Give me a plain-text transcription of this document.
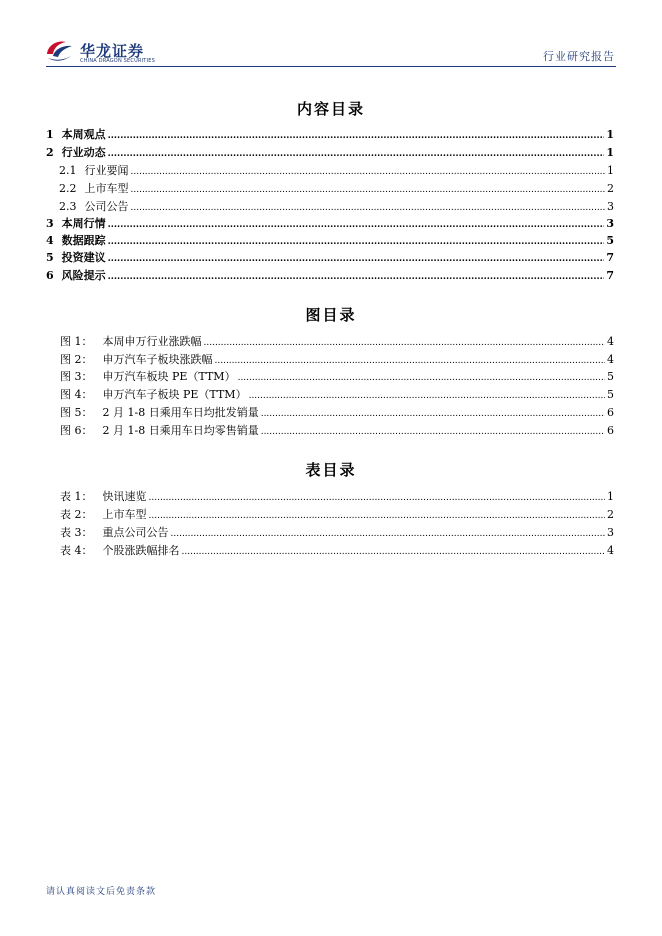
华龙证券
CHINA DRAGON SECURITIES	行业研究报告
内容目录
1 本周观点 .....	1
2 行业动态 .....	1
2.1 行业要闻 .....	1
2.2 上市车型 .....	2
2.3 公司公告 .....	3
3 本周行情 .....	3
4 数据跟踪 .....	5
5 投资建议 .....	7
6 风险提示 .....	7
图目录
图 1： 本周申万行业涨跌幅 .....	4
图 2： 申万汽车子板块涨跌幅 .....	4
图 3： 申万汽车板块 PE（TTM） .....	5
图 4： 申万汽车子板块 PE（TTM） .....	5
图 5： 2 月 1-8 日乘用车日均批发销量 .....	6
图 6： 2 月 1-8 日乘用车日均零售销量 .....	6
表目录
表 1： 快讯速览 .....	1
表 2： 上市车型 .....	2
表 3： 重点公司公告 .....	3
表 4： 个股涨跌幅排名 .....	4
请认真阅读文后免责条款
